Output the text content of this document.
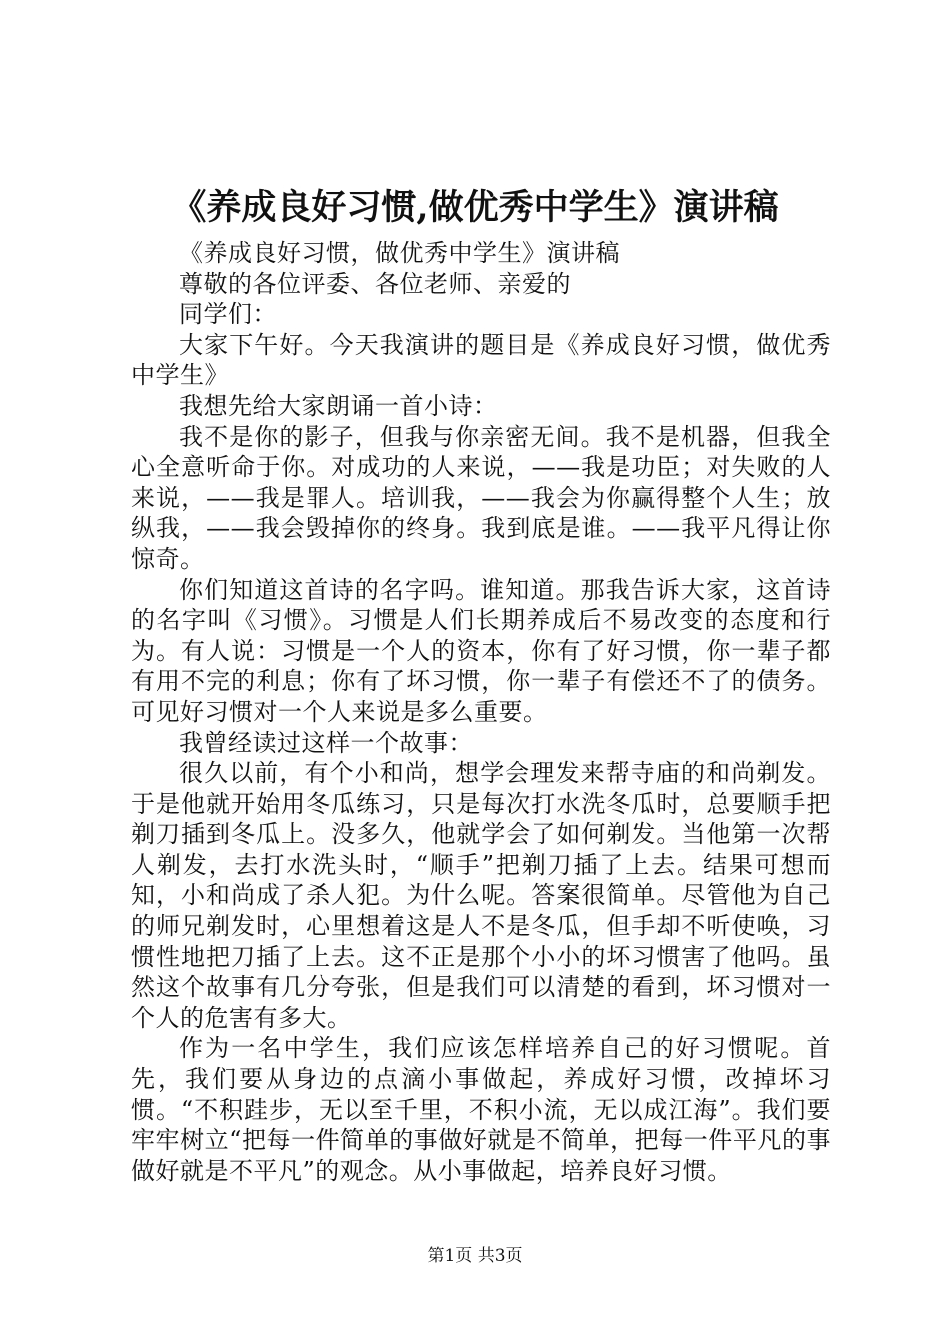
《养成良好习惯,做优秀中学生》演讲稿

《养成良好习惯，做优秀中学生》演讲稿

尊敬的各位评委、各位老师、亲爱的

同学们：

大家下午好。今天我演讲的题目是《养成良好习惯，做优秀中学生》

我想先给大家朗诵一首小诗：

我不是你的影子，但我与你亲密无间。我不是机器，但我全心全意听命于你。对成功的人来说，——我是功臣；对失败的人来说，——我是罪人。培训我，——我会为你赢得整个人生；放纵我，——我会毁掉你的终身。我到底是谁。——我平凡得让你惊奇。

你们知道这首诗的名字吗。谁知道。那我告诉大家，这首诗的名字叫《习惯》。习惯是人们长期养成后不易改变的态度和行为。有人说：习惯是一个人的资本，你有了好习惯，你一辈子都有用不完的利息；你有了坏习惯，你一辈子有偿还不了的债务。可见好习惯对一个人来说是多么重要。

我曾经读过这样一个故事：

很久以前，有个小和尚，想学会理发来帮寺庙的和尚剃发。于是他就开始用冬瓜练习，只是每次打水洗冬瓜时，总要顺手把剃刀插到冬瓜上。没多久，他就学会了如何剃发。当他第一次帮人剃发，去打水洗头时，“顺手”把剃刀插了上去。结果可想而知，小和尚成了杀人犯。为什么呢。答案很简单。尽管他为自己的师兄剃发时，心里想着这是人不是冬瓜，但手却不听使唤，习惯性地把刀插了上去。这不正是那个小小的坏习惯害了他吗。虽然这个故事有几分夸张，但是我们可以清楚的看到，坏习惯对一个人的危害有多大。

作为一名中学生，我们应该怎样培养自己的好习惯呢。首先，我们要从身边的点滴小事做起，养成好习惯，改掉坏习惯。“不积跬步，无以至千里，不积小流，无以成江海”。我们要牢牢树立“把每一件简单的事做好就是不简单，把每一件平凡的事做好就是不平凡”的观念。从小事做起，培养良好习惯。

第1页 共3页
